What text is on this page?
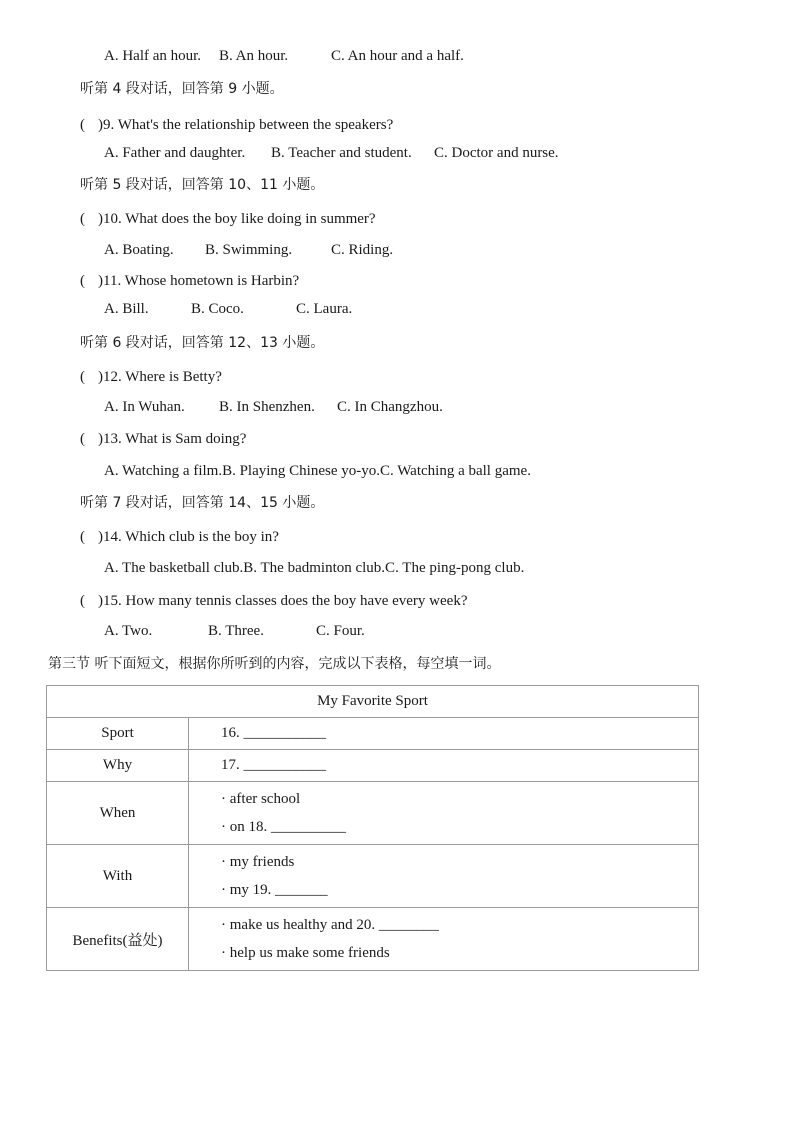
A. Half an hour. B. An hour.	C. An hour and a half.
听第 4 段对话，回答第 9 小题。
( )9. What's the relationship between the speakers?
A. Father and daughter. B. Teacher and student. C. Doctor and nurse.
听第 5 段对话，回答第 10、11 小题。
( )10. What does the boy like doing in summer?
A. Boating. B. Swimming.	C. Riding.
( )11. Whose hometown is Harbin?
A. Bill.	B. Coco.	C. Laura.
听第 6 段对话，回答第 12、13 小题。
( )12. Where is Betty?
A. In Wuhan. B. In Shenzhen. C. In Changzhou.
( )13. What is Sam doing?
A. Watching a film.B. Playing Chinese yo-yo.C. Watching a ball game.
听第 7 段对话，回答第 14、15 小题。
( )14. Which club is the boy in?
A. The basketball club.B. The badminton club.C. The ping-pong club.
( )15. How many tennis classes does the boy have every week?
A. Two.	B. Three.	C. Four.
第三节 听下面短文，根据你所听到的内容，完成以下表格，每空填一词。
My Favorite Sport	
Sport	16. ___________
Why	17. ___________
When	· after school
· on 18. __________

With	· my friends
· my 19. _______

Benefits(益处)	· make us healthy and 20. ________
· help us make some friends
